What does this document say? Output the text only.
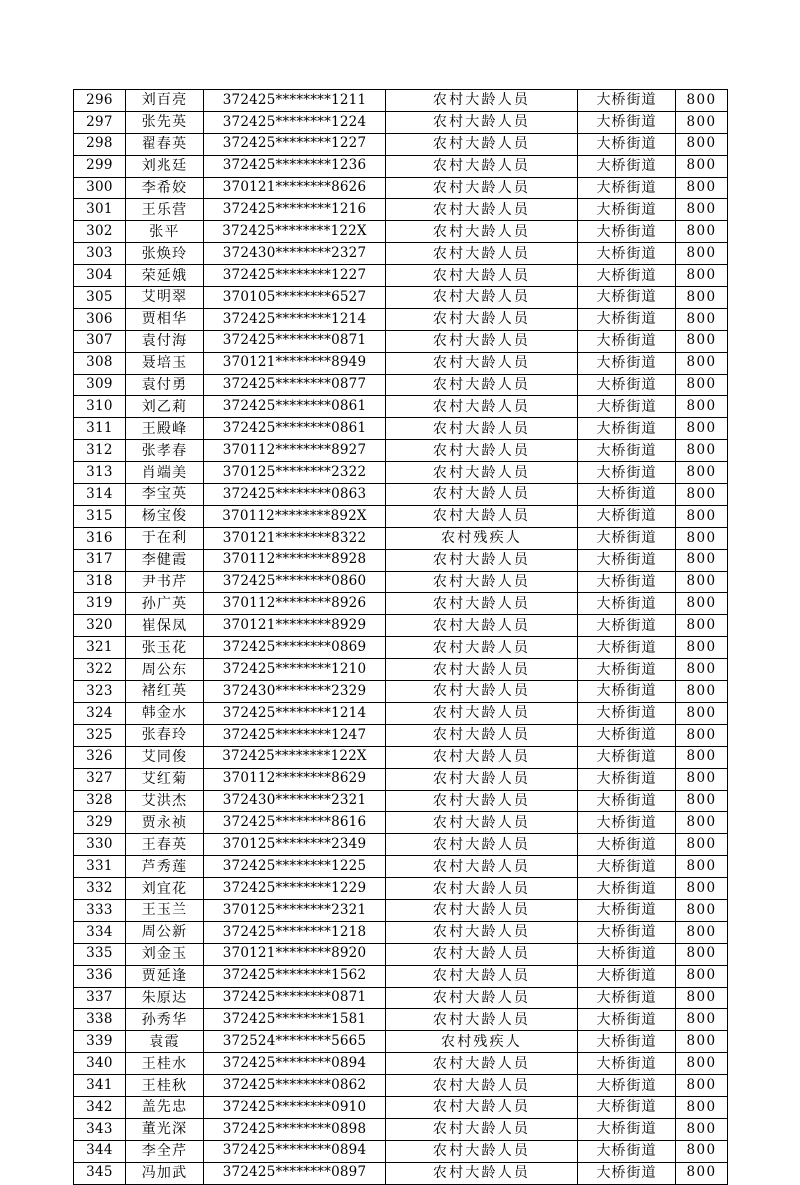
296	刘百亮	372425********1211	农村大龄人员	大桥街道	800
297	张先英	372425********1224	农村大龄人员	大桥街道	800
298	翟春英	372425********1227	农村大龄人员	大桥街道	800
299	刘兆廷	372425********1236	农村大龄人员	大桥街道	800
300	李希姣	370121********8626	农村大龄人员	大桥街道	800
301	王乐营	372425********1216	农村大龄人员	大桥街道	800
302	张平	372425********122X	农村大龄人员	大桥街道	800
303	张焕玲	372430********2327	农村大龄人员	大桥街道	800
304	荣延娥	372425********1227	农村大龄人员	大桥街道	800
305	艾明翠	370105********6527	农村大龄人员	大桥街道	800
306	贾相华	372425********1214	农村大龄人员	大桥街道	800
307	袁付海	372425********0871	农村大龄人员	大桥街道	800
308	聂培玉	370121********8949	农村大龄人员	大桥街道	800
309	袁付勇	372425********0877	农村大龄人员	大桥街道	800
310	刘乙莉	372425********0861	农村大龄人员	大桥街道	800
311	王殿峰	372425********0861	农村大龄人员	大桥街道	800
312	张孝春	370112********8927	农村大龄人员	大桥街道	800
313	肖端美	370125********2322	农村大龄人员	大桥街道	800
314	李宝英	372425********0863	农村大龄人员	大桥街道	800
315	杨宝俊	370112********892X	农村大龄人员	大桥街道	800
316	于在利	370121********8322	农村残疾人	大桥街道	800
317	李健霞	370112********8928	农村大龄人员	大桥街道	800
318	尹书芹	372425********0860	农村大龄人员	大桥街道	800
319	孙广英	370112********8926	农村大龄人员	大桥街道	800
320	崔保凤	370121********8929	农村大龄人员	大桥街道	800
321	张玉花	372425********0869	农村大龄人员	大桥街道	800
322	周公东	372425********1210	农村大龄人员	大桥街道	800
323	褚红英	372430********2329	农村大龄人员	大桥街道	800
324	韩金水	372425********1214	农村大龄人员	大桥街道	800
325	张春玲	372425********1247	农村大龄人员	大桥街道	800
326	艾同俊	372425********122X	农村大龄人员	大桥街道	800
327	艾红菊	370112********8629	农村大龄人员	大桥街道	800
328	艾洪杰	372430********2321	农村大龄人员	大桥街道	800
329	贾永祯	372425********8616	农村大龄人员	大桥街道	800
330	王春英	370125********2349	农村大龄人员	大桥街道	800
331	芦秀莲	372425********1225	农村大龄人员	大桥街道	800
332	刘宜花	372425********1229	农村大龄人员	大桥街道	800
333	王玉兰	370125********2321	农村大龄人员	大桥街道	800
334	周公新	372425********1218	农村大龄人员	大桥街道	800
335	刘金玉	370121********8920	农村大龄人员	大桥街道	800
336	贾延逢	372425********1562	农村大龄人员	大桥街道	800
337	朱原达	372425********0871	农村大龄人员	大桥街道	800
338	孙秀华	372425********1581	农村大龄人员	大桥街道	800
339	袁霞	372524********5665	农村残疾人	大桥街道	800
340	王桂水	372425********0894	农村大龄人员	大桥街道	800
341	王桂秋	372425********0862	农村大龄人员	大桥街道	800
342	盖先忠	372425********0910	农村大龄人员	大桥街道	800
343	董光深	372425********0898	农村大龄人员	大桥街道	800
344	李全芹	372425********0894	农村大龄人员	大桥街道	800
345	冯加武	372425********0897	农村大龄人员	大桥街道	800
